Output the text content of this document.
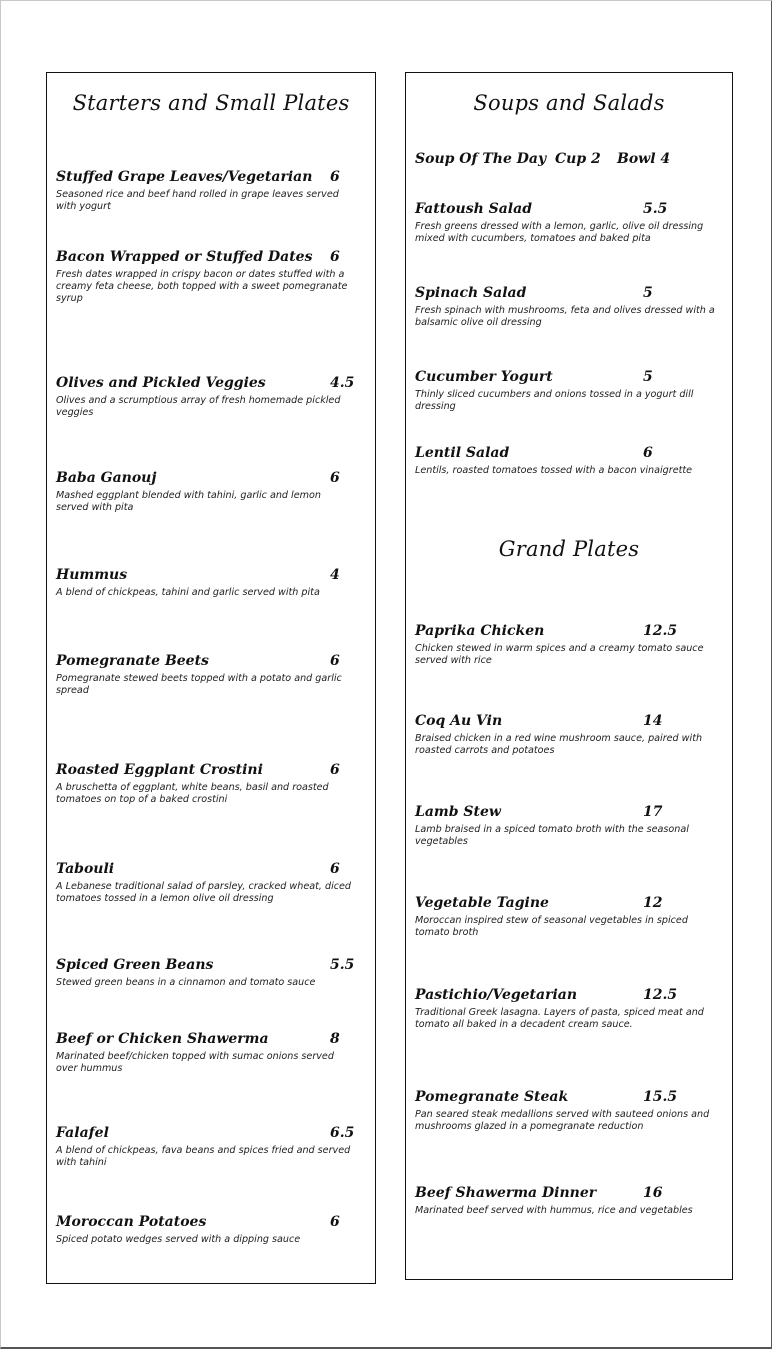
Starters and Small Plates
Stuffed Grape Leaves/Vegetarian	6
Seasoned rice and beef hand rolled in grape leaves served with yogurt
Bacon Wrapped or Stuffed Dates	6
Fresh dates wrapped in crispy bacon or dates stuffed with a creamy feta cheese, both topped with a sweet pomegranate syrup
Olives and Pickled Veggies	4.5
Olives and a scrumptious array of fresh homemade pickled veggies
Baba Ganouj	6
Mashed eggplant blended with tahini, garlic and lemon served with pita
Hummus	4
A blend of chickpeas, tahini and garlic served with pita
Pomegranate Beets	6
Pomegranate stewed beets topped with a potato and garlic spread
Roasted Eggplant Crostini	6
A bruschetta of eggplant, white beans, basil and roasted tomatoes on top of a baked crostini
Tabouli	6
A Lebanese traditional salad of parsley, cracked wheat, diced tomatoes tossed in a lemon olive oil dressing
Spiced Green Beans	5.5
Stewed green beans in a cinnamon and tomato sauce
Beef or Chicken Shawerma	8
Marinated beef/chicken topped with sumac onions served over hummus
Falafel	6.5
A blend of chickpeas, fava beans and spices fried and served with tahini
Moroccan Potatoes	6
Spiced potato wedges served with a dipping sauce
Soups and Salads
Soup Of The Day Cup 2 Bowl 4
Fattoush Salad	5.5
Fresh greens dressed with a lemon, garlic, olive oil dressing mixed with cucumbers, tomatoes and baked pita
Spinach Salad	5
Fresh spinach with mushrooms, feta and olives dressed with a balsamic olive oil dressing
Cucumber Yogurt	5
Thinly sliced cucumbers and onions tossed in a yogurt dill dressing
Lentil Salad	6
Lentils, roasted tomatoes tossed with a bacon vinaigrette
Grand Plates
Paprika Chicken	12.5
Chicken stewed in warm spices and a creamy tomato sauce served with rice
Coq Au Vin	14
Braised chicken in a red wine mushroom sauce, paired with roasted carrots and potatoes
Lamb Stew	17
Lamb braised in a spiced tomato broth with the seasonal vegetables
Vegetable Tagine	12
Moroccan inspired stew of seasonal vegetables in spiced tomato broth
Pastichio/Vegetarian	12.5
Traditional Greek lasagna. Layers of pasta, spiced meat and tomato all baked in a decadent cream sauce.
Pomegranate Steak	15.5
Pan seared steak medallions served with sauteed onions and mushrooms glazed in a pomegranate reduction
Beef Shawerma Dinner	16
Marinated beef served with hummus, rice and vegetables
